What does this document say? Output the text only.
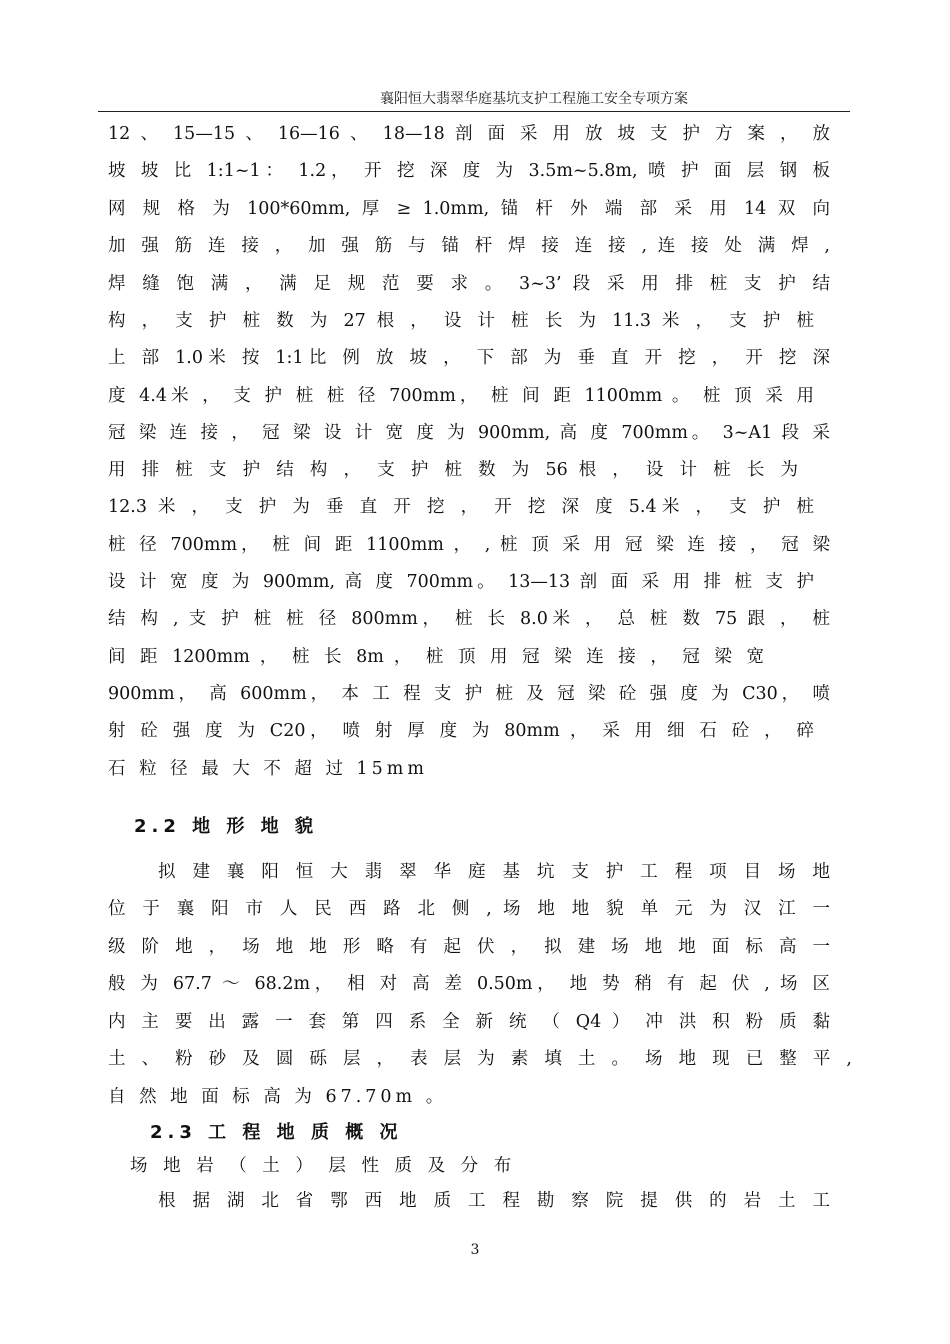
襄阳恒大翡翠华庭基坑支护工程施工安全专项方案
12 、 15—15 、 16—16 、 18—18 剖 面 采 用 放 坡 支 护 方 案 ， 放
坡 坡 比 1:1~1： 1.2， 开 挖 深 度 为 3.5m~5.8m, 喷 护 面 层 钢 板
网 规 格 为 100*60mm, 厚 ≥ 1.0mm, 锚 杆 外 端 部 采 用 14 双 向
加 强 筋 连 接 ， 加 强 筋 与 锚 杆 焊 接 连 接 , 连 接 处 满 焊 ,
焊 缝 饱 满 ， 满 足 规 范 要 求 。 3~3’ 段 采 用 排 桩 支 护 结
构 ， 支 护 桩 数 为 27 根 ， 设 计 桩 长 为 11.3 米 ， 支 护 桩
上 部 1.0米 按 1:1比 例 放 坡 ， 下 部 为 垂 直 开 挖 ， 开 挖 深
度 4.4米 ， 支 护 桩 桩 径 700mm， 桩 间 距 1100mm 。 桩 顶 采 用
冠 梁 连 接 ， 冠 梁 设 计 宽 度 为 900mm, 高 度 700mm。 3~A1 段 采
用 排 桩 支 护 结 构 ， 支 护 桩 数 为 56 根 ， 设 计 桩 长 为
12.3 米 ， 支 护 为 垂 直 开 挖 ， 开 挖 深 度 5.4米 ， 支 护 桩
桩 径 700mm， 桩 间 距 1100mm ， , 桩 顶 采 用 冠 梁 连 接 ， 冠 梁
设 计 宽 度 为 900mm, 高 度 700mm。 13—13 剖 面 采 用 排 桩 支 护
结 构 , 支 护 桩 桩 径 800mm， 桩 长 8.0米 ， 总 桩 数 75 跟 ， 桩
间 距 1200mm ， 桩 长 8m ， 桩 顶 用 冠 梁 连 接 ， 冠 梁 宽
900mm， 高 600mm， 本 工 程 支 护 桩 及 冠 梁 砼 强 度 为 C30， 喷
射 砼 强 度 为 C20， 喷 射 厚 度 为 80mm ， 采 用 细 石 砼 ， 碎
石 粒 径 最 大 不 超 过 15mm
2.2 地 形 地 貌
拟 建 襄 阳 恒 大 翡 翠 华 庭 基 坑 支 护 工 程 项 目 场 地
位 于 襄 阳 市 人 民 西 路 北 侧 , 场 地 地 貌 单 元 为 汉 江 一
级 阶 地 ， 场 地 地 形 略 有 起 伏 ， 拟 建 场 地 地 面 标 高 一
般 为 67.7 ～ 68.2m， 相 对 高 差 0.50m， 地 势 稍 有 起 伏 , 场 区
内 主 要 出 露 一 套 第 四 系 全 新 统 （ Q4 ） 冲 洪 积 粉 质 黏
土 、 粉 砂 及 圆 砾 层 ， 表 层 为 素 填 土 。 场 地 现 已 整 平 ,
自 然 地 面 标 高 为 67.70m 。
2.3 工 程 地 质 概 况
场 地 岩 （ 土 ） 层 性 质 及 分 布
根 据 湖 北 省 鄂 西 地 质 工 程 勘 察 院 提 供 的 岩 土 工
3
